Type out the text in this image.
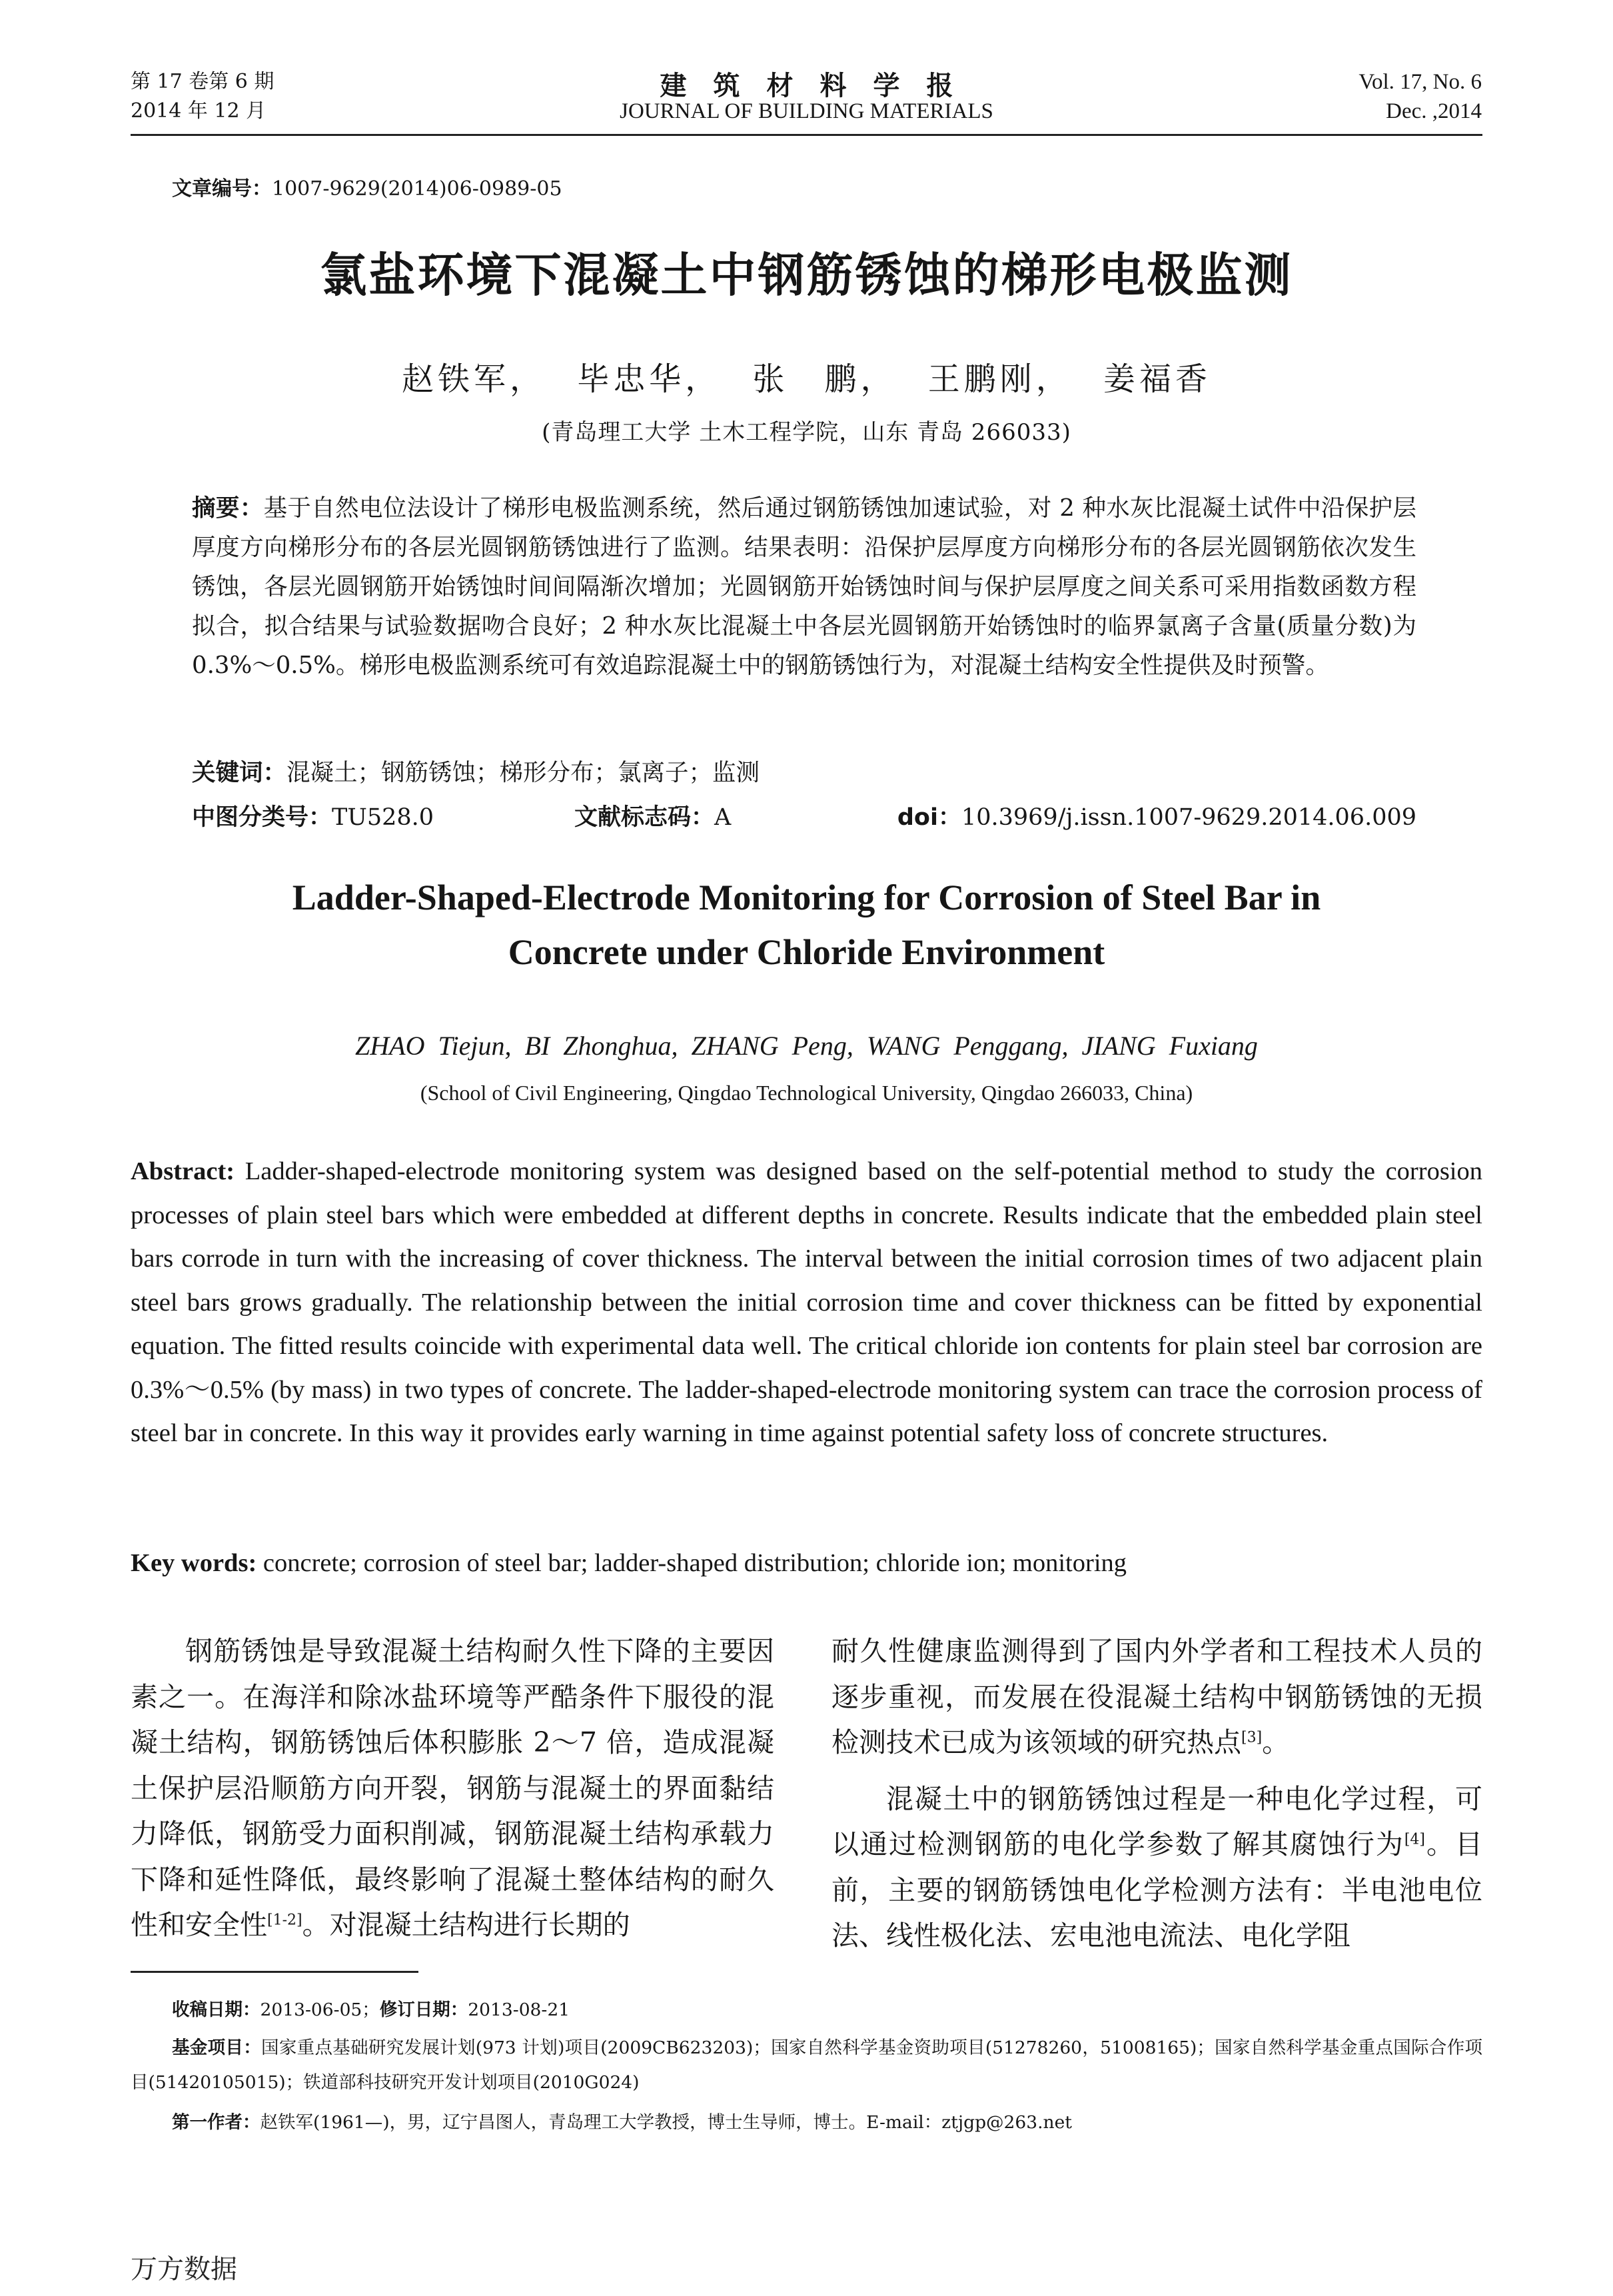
第 17 卷第 6 期
2014 年 12 月
建　筑　材　料　学　报
JOURNAL OF BUILDING MATERIALS
Vol. 17, No. 6
Dec. ,2014
文章编号：1007-9629(2014)06-0989-05
氯盐环境下混凝土中钢筋锈蚀的梯形电极监测
赵铁军， 毕忠华， 张　鹏， 王鹏刚， 姜福香
(青岛理工大学 土木工程学院，山东 青岛 266033)
摘要：基于自然电位法设计了梯形电极监测系统，然后通过钢筋锈蚀加速试验，对 2 种水灰比混凝土试件中沿保护层厚度方向梯形分布的各层光圆钢筋锈蚀进行了监测。结果表明：沿保护层厚度方向梯形分布的各层光圆钢筋依次发生锈蚀，各层光圆钢筋开始锈蚀时间间隔渐次增加；光圆钢筋开始锈蚀时间与保护层厚度之间关系可采用指数函数方程拟合，拟合结果与试验数据吻合良好；2 种水灰比混凝土中各层光圆钢筋开始锈蚀时的临界氯离子含量(质量分数)为 0.3%～0.5%。梯形电极监测系统可有效追踪混凝土中的钢筋锈蚀行为，对混凝土结构安全性提供及时预警。
关键词：混凝土；钢筋锈蚀；梯形分布；氯离子；监测
中图分类号：TU528.0	文献标志码：A	doi：10.3969/j.issn.1007-9629.2014.06.009
Ladder-Shaped-Electrode Monitoring for Corrosion of Steel Bar in
Concrete under Chloride Environment
ZHAO Tiejun, BI Zhonghua, ZHANG Peng, WANG Penggang, JIANG Fuxiang
(School of Civil Engineering, Qingdao Technological University, Qingdao 266033, China)
Abstract: Ladder-shaped-electrode monitoring system was designed based on the self-potential method to study the corrosion processes of plain steel bars which were embedded at different depths in concrete. Results indicate that the embedded plain steel bars corrode in turn with the increasing of cover thickness. The interval between the initial corrosion times of two adjacent plain steel bars grows gradually. The relationship between the initial corrosion time and cover thickness can be fitted by exponential equation. The fitted results coincide with experimental data well. The critical chloride ion contents for plain steel bar corrosion are 0.3%～0.5% (by mass) in two types of concrete. The ladder-shaped-electrode monitoring system can trace the corrosion process of steel bar in concrete. In this way it provides early warning in time against potential safety loss of concrete structures.
Key words: concrete; corrosion of steel bar; ladder-shaped distribution; chloride ion; monitoring

钢筋锈蚀是导致混凝土结构耐久性下降的主要因素之一。在海洋和除冰盐环境等严酷条件下服役的混凝土结构，钢筋锈蚀后体积膨胀 2～7 倍，造成混凝土保护层沿顺筋方向开裂，钢筋与混凝土的界面黏结力降低，钢筋受力面积削减，钢筋混凝土结构承载力下降和延性降低，最终影响了混凝土整体结构的耐久性和安全性[1-2]。对混凝土结构进行长期的

耐久性健康监测得到了国内外学者和工程技术人员的逐步重视，而发展在役混凝土结构中钢筋锈蚀的无损检测技术已成为该领域的研究热点[3]。

混凝土中的钢筋锈蚀过程是一种电化学过程，可以通过检测钢筋的电化学参数了解其腐蚀行为[4]。目前，主要的钢筋锈蚀电化学检测方法有：半电池电位法、线性极化法、宏电池电流法、电化学阻

收稿日期：2013-06-05；修订日期：2013-08-21
基金项目：国家重点基础研究发展计划(973 计划)项目(2009CB623203)；国家自然科学基金资助项目(51278260，51008165)；国家自然科学基金重点国际合作项目(51420105015)；铁道部科技研究开发计划项目(2010G024)
第一作者：赵铁军(1961—)，男，辽宁昌图人，青岛理工大学教授，博士生导师，博士。E-mail：ztjgp@263.net
万方数据
